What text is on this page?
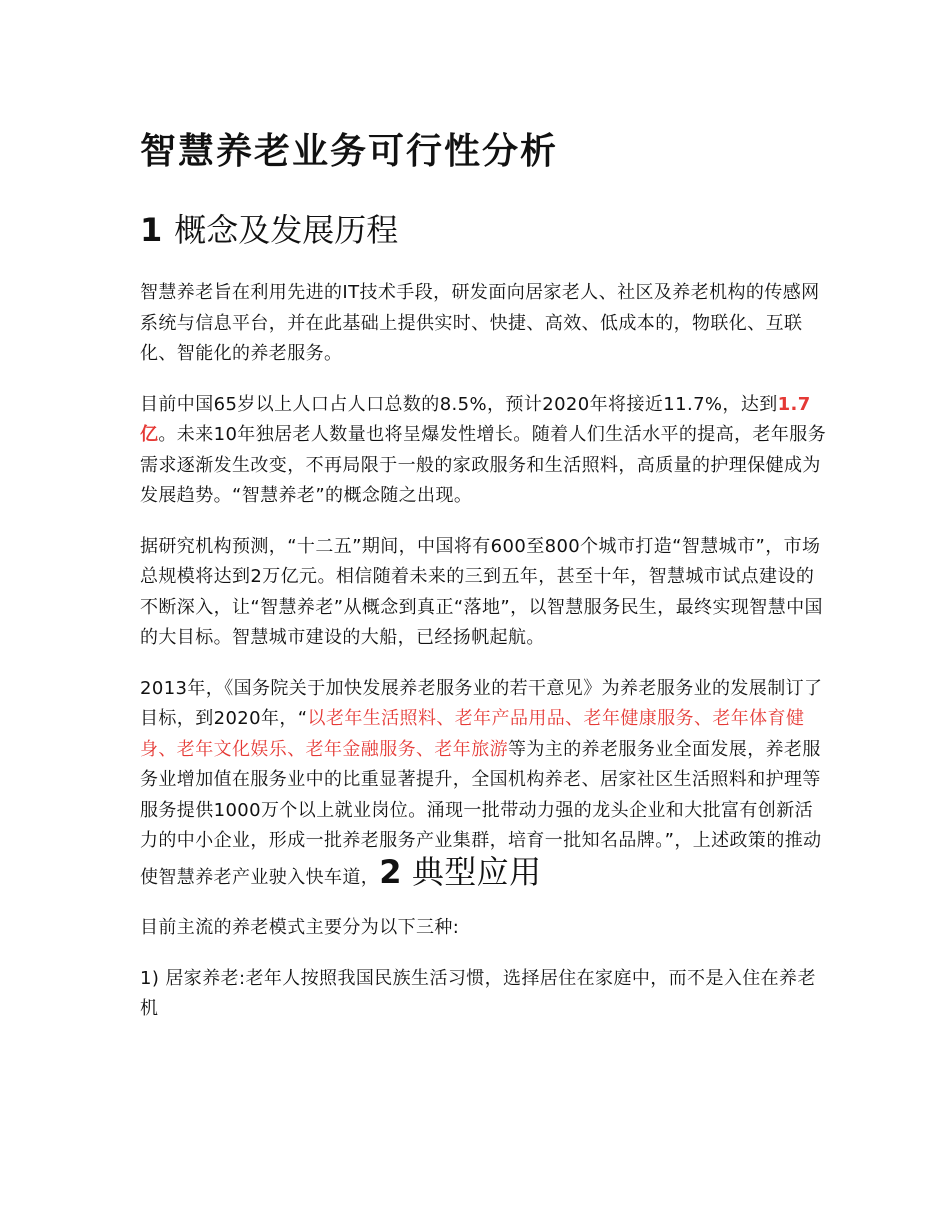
智慧养老业务可行性分析
1 概念及发展历程

智慧养老旨在利用先进的IT技术手段，研发面向居家老人、社区及养老机构的传感网系统与信息平台，并在此基础上提供实时、快捷、高效、低成本的，物联化、互联化、智能化的养老服务。

目前中国65岁以上人口占人口总数的8.5%，预计2020年将接近11.7%，达到1.7亿。未来10年独居老人数量也将呈爆发性增长。随着人们生活水平的提高，老年服务需求逐渐发生改变，不再局限于一般的家政服务和生活照料，高质量的护理保健成为发展趋势。“智慧养老”的概念随之出现。

据研究机构预测，“十二五”期间，中国将有600至800个城市打造“智慧城市”，市场总规模将达到2万亿元。相信随着未来的三到五年，甚至十年，智慧城市试点建设的不断深入，让“智慧养老”从概念到真正“落地”，以智慧服务民生，最终实现智慧中国的大目标。智慧城市建设的大船，已经扬帆起航。

2013年，《国务院关于加快发展养老服务业的若干意见》为养老服务业的发展制订了目标，到2020年，“以老年生活照料、老年产品用品、老年健康服务、老年体育健身、老年文化娱乐、老年金融服务、老年旅游等为主的养老服务业全面发展，养老服务业增加值在服务业中的比重显著提升，全国机构养老、居家社区生活照料和护理等服务提供1000万个以上就业岗位。涌现一批带动力强的龙头企业和大批富有创新活力的中小企业，形成一批养老服务产业集群，培育一批知名品牌。”，上述政策的推动使智慧养老产业驶入快车道，2 典型应用

目前主流的养老模式主要分为以下三种:

1) 居家养老:老年人按照我国民族生活习惯，选择居住在家庭中，而不是入住在养老机
